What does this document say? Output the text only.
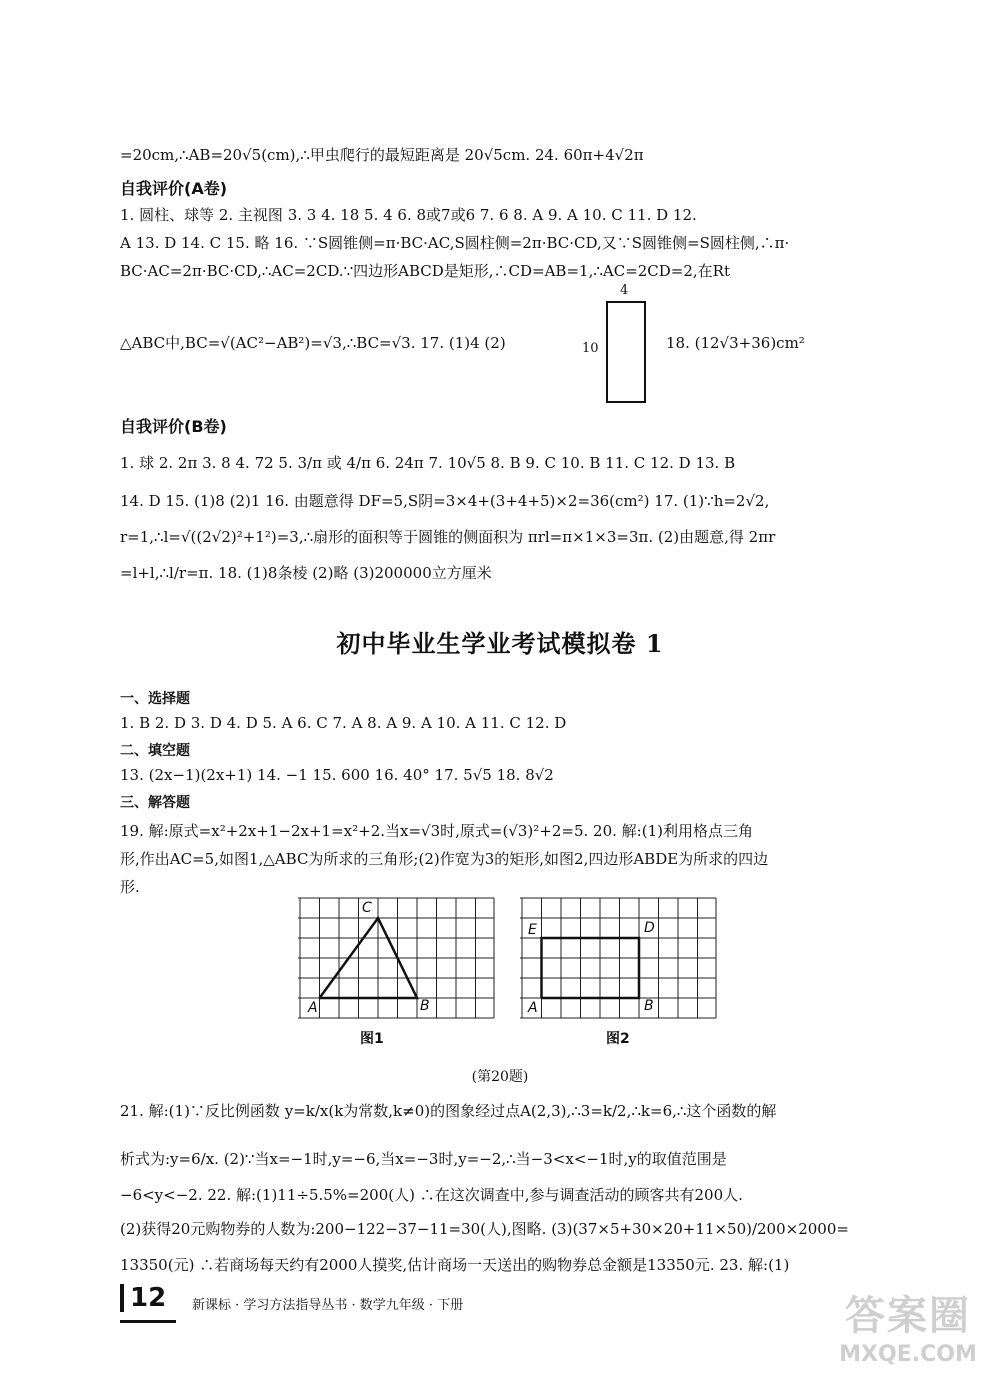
=20cm,∴AB=20√5(cm),∴甲虫爬行的最短距离是 20√5cm. 24. 60π+4√2π
自我评价(A卷)
1. 圆柱、球等 2. 主视图 3. 3 4. 18 5. 4 6. 8或7或6 7. 6 8. A 9. A 10. C 11. D 12.
A 13. D 14. C 15. 略 16. ∵S圆锥侧=π·BC·AC,S圆柱侧=2π·BC·CD,又∵S圆锥侧=S圆柱侧,∴π·
BC·AC=2π·BC·CD,∴AC=2CD.∵四边形ABCD是矩形,∴CD=AB=1,∴AC=2CD=2,在Rt
△ABC中,BC=√(AC²−AB²)=√3,∴BC=√3. 17. (1)4 (2)
4
10	18. (12√3+36)cm²
自我评价(B卷)
1. 球 2. 2π 3. 8 4. 72 5. 3/π 或 4/π 6. 24π 7. 10√5 8. B 9. C 10. B 11. C 12. D 13. B
14. D 15. (1)8 (2)1 16. 由题意得 DF=5,S阴=3×4+(3+4+5)×2=36(cm²) 17. (1)∵h=2√2,
r=1,∴l=√((2√2)²+1²)=3,∴扇形的面积等于圆锥的侧面积为 πrl=π×1×3=3π. (2)由题意,得 2πr
=l+l,∴l/r=π. 18. (1)8条棱 (2)略 (3)200000立方厘米
初中毕业生学业考试模拟卷 1
一、选择题
1. B 2. D 3. D 4. D 5. A 6. C 7. A 8. A 9. A 10. A 11. C 12. D
二、填空题
13. (2x−1)(2x+1) 14. −1 15. 600 16. 40° 17. 5√5 18. 8√2
三、解答题
19. 解:原式=x²+2x+1−2x+1=x²+2.当x=√3时,原式=(√3)²+2=5. 20. 解:(1)利用格点三角
形,作出AC=5,如图1,△ABC为所求的三角形;(2)作宽为3的矩形,如图2,四边形ABDE为所求的四边
形.
A	B
C
图1
A	B
D
E
图2
(第20题)
21. 解:(1)∵反比例函数 y=k/x(k为常数,k≠0)的图象经过点A(2,3),∴3=k/2,∴k=6,∴这个函数的解
析式为:y=6/x. (2)∵当x=−1时,y=−6,当x=−3时,y=−2,∴当−3<x<−1时,y的取值范围是
−6<y<−2. 22. 解:(1)11÷5.5%=200(人) ∴在这次调查中,参与调查活动的顾客共有200人.
(2)获得20元购物券的人数为:200−122−37−11=30(人),图略. (3)(37×5+30×20+11×50)/200×2000=
13350(元) ∴若商场每天约有2000人摸奖,估计商场一天送出的购物券总金额是13350元. 23. 解:(1)
12 新课标 · 学习方法指导丛书 · 数学九年级 · 下册	答案圈
MXQE.COM
